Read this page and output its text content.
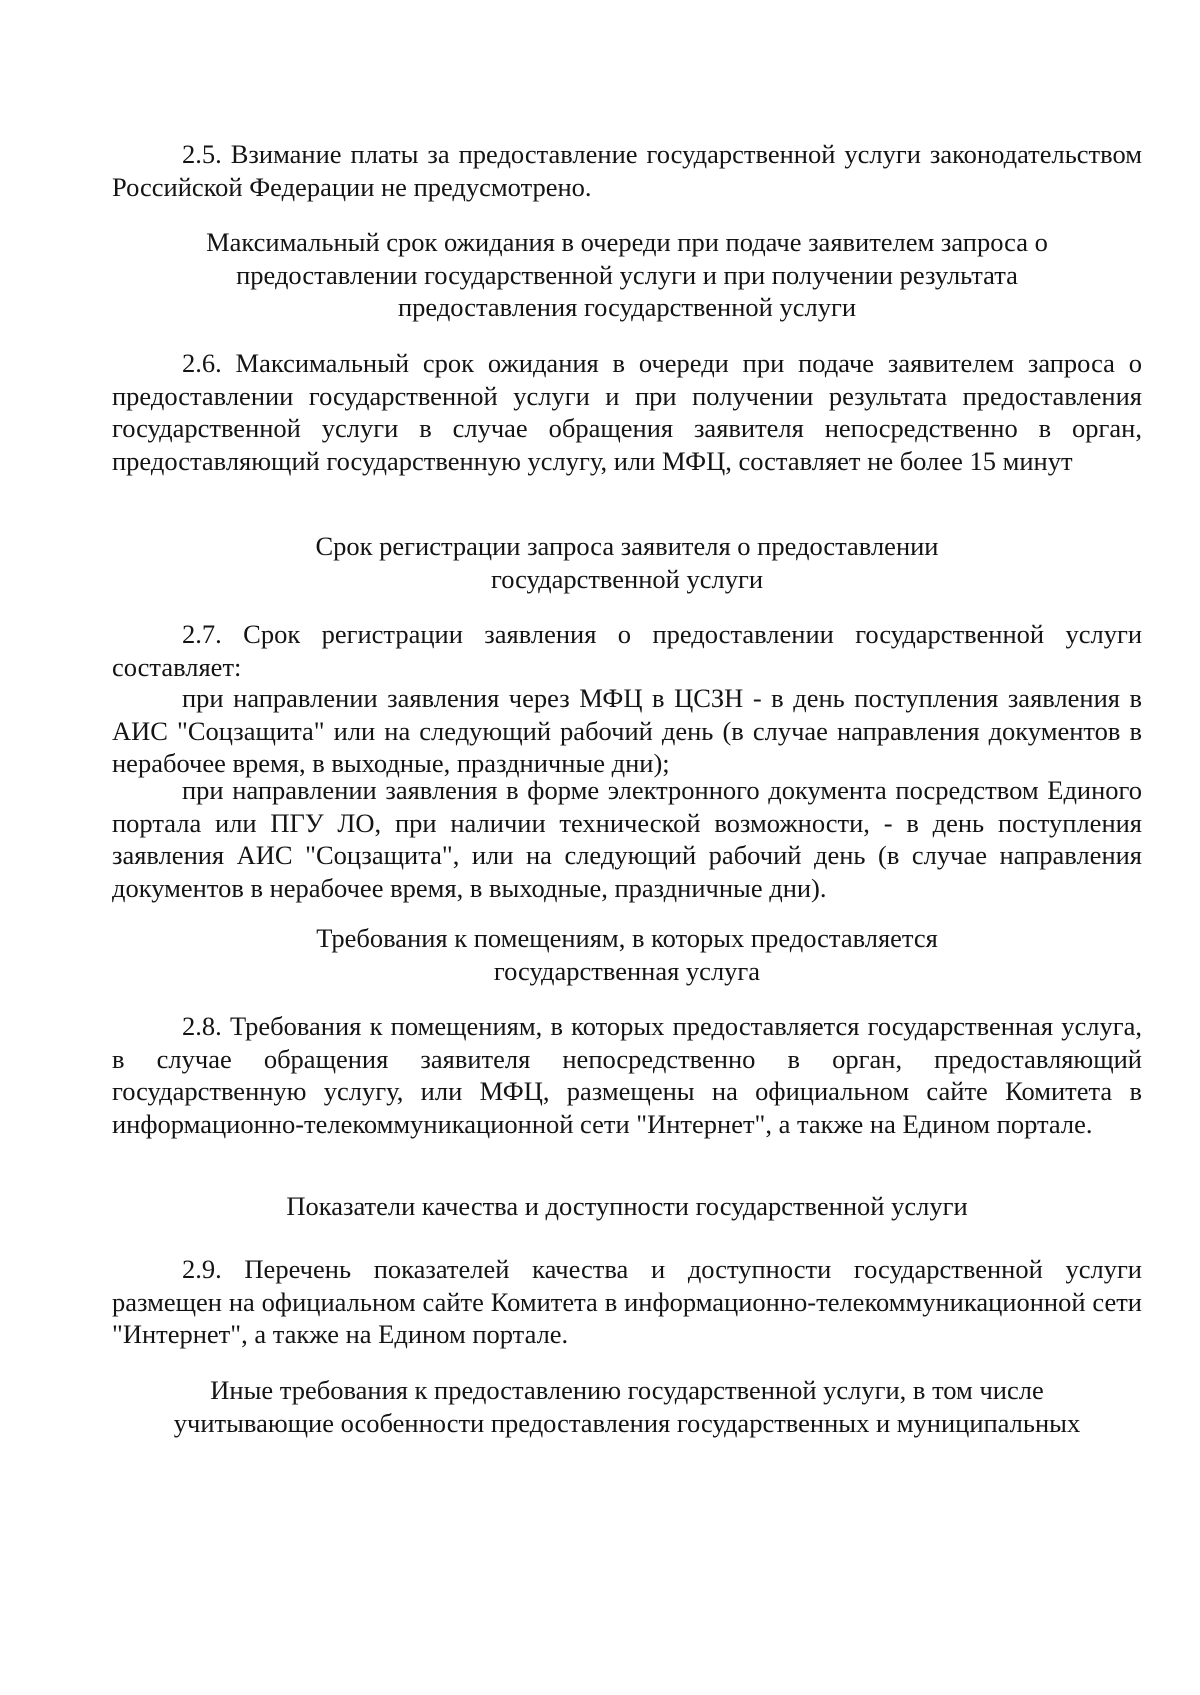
2.5. Взимание платы за предоставление государственной услуги законодательством Российской Федерации не предусмотрено.

Максимальный срок ожидания в очереди при подаче заявителем запроса о
предоставлении государственной услуги и при получении результата
предоставления государственной услуги

2.6. Максимальный срок ожидания в очереди при подаче заявителем запроса о предоставлении государственной услуги и при получении результата предоставления государственной услуги в случае обращения заявителя непосредственно в орган, предоставляющий государственную услугу, или МФЦ, составляет не более 15 минут

Срок регистрации запроса заявителя о предоставлении
государственной услуги

2.7. Срок регистрации заявления о предоставлении государственной услуги составляет:

при направлении заявления через МФЦ в ЦСЗН - в день поступления заявления в АИС "Соцзащита" или на следующий рабочий день (в случае направления документов в нерабочее время, в выходные, праздничные дни);

при направлении заявления в форме электронного документа посредством Единого портала или ПГУ ЛО, при наличии технической возможности, - в день поступления заявления АИС "Соцзащита", или на следующий рабочий день (в случае направления документов в нерабочее время, в выходные, праздничные дни).

Требования к помещениям, в которых предоставляется
государственная услуга

2.8. Требования к помещениям, в которых предоставляется государственная услуга, в случае обращения заявителя непосредственно в орган, предоставляющий государственную услугу, или МФЦ, размещены на официальном сайте Комитета в информационно-телекоммуникационной сети "Интернет", а также на Едином портале.

Показатели качества и доступности государственной услуги

2.9. Перечень показателей качества и доступности государственной услуги размещен на официальном сайте Комитета в информационно-телекоммуникационной сети "Интернет", а также на Едином портале.

Иные требования к предоставлению государственной услуги, в том числе
учитывающие особенности предоставления государственных и муниципальных
